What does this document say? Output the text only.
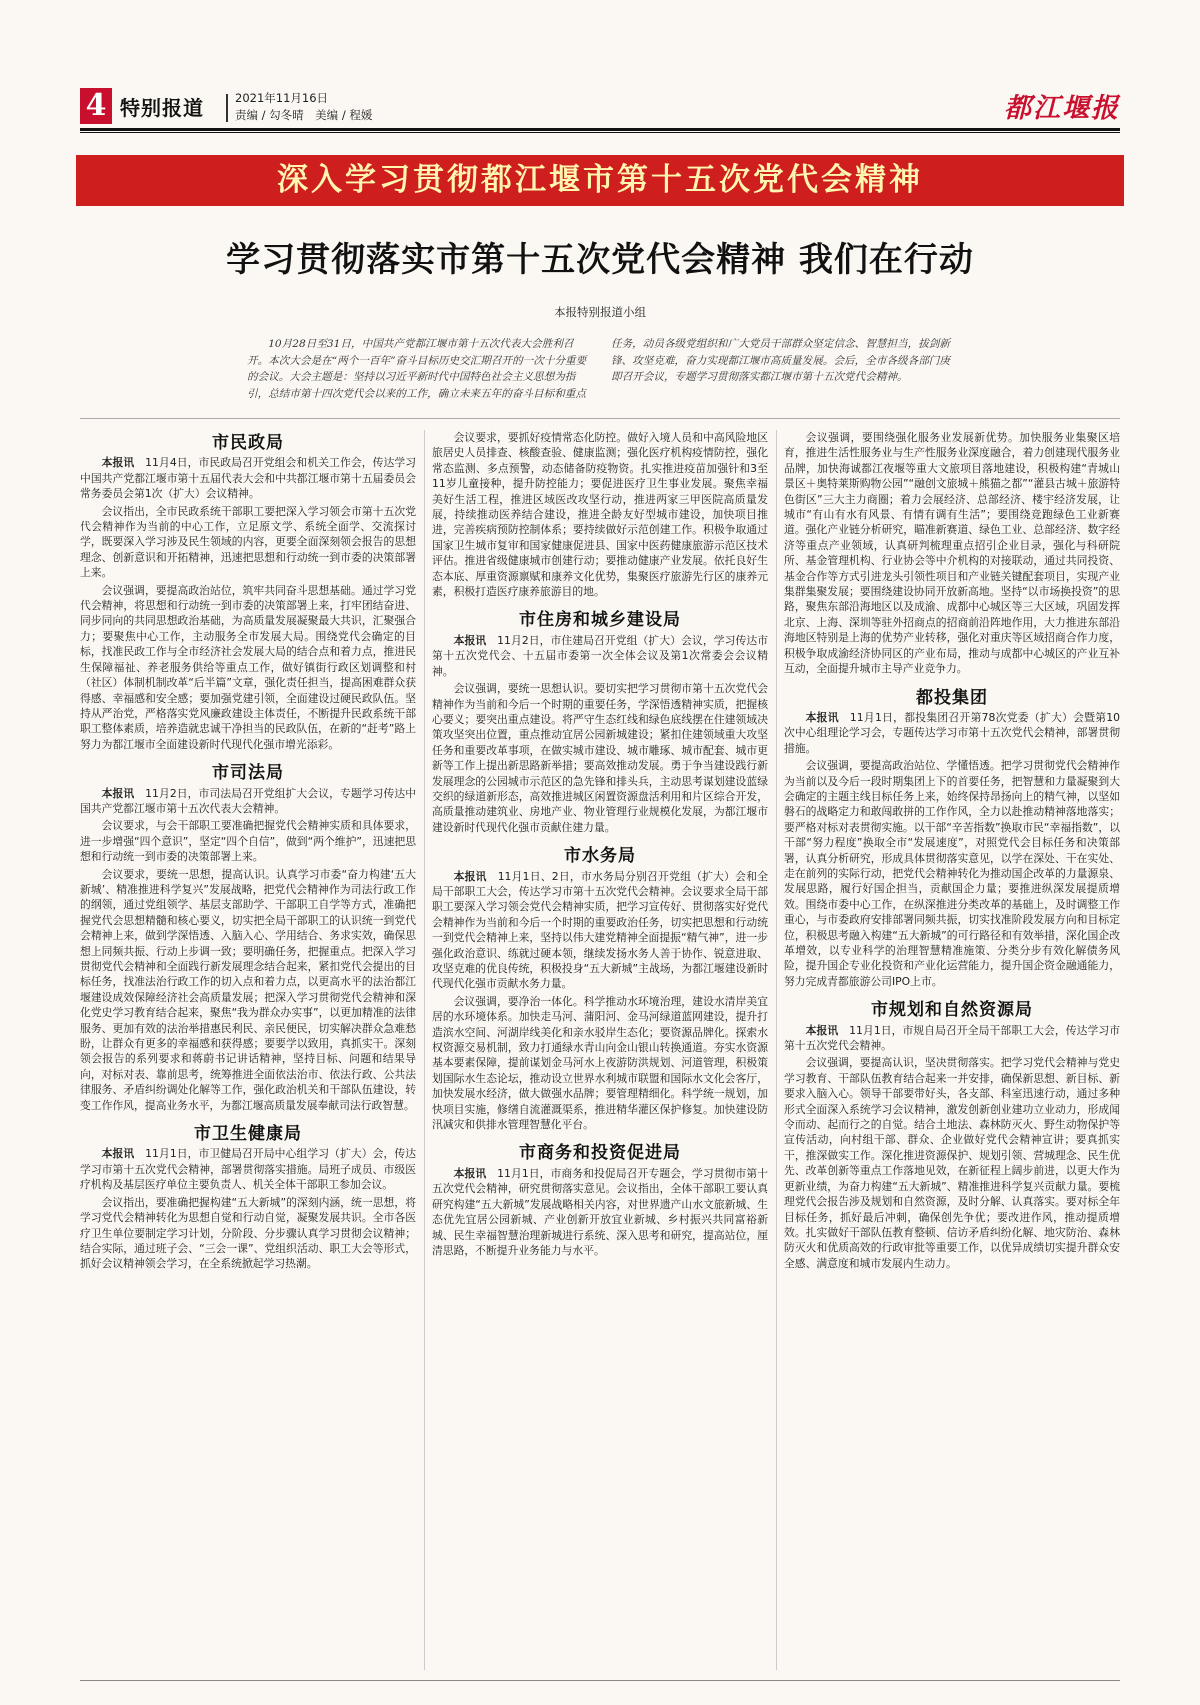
4 特别报道	2021年11月16日
责编 / 勾冬晴　美编 / 程媛	都江堰报
深入学习贯彻都江堰市第十五次党代会精神
学习贯彻落实市第十五次党代会精神 我们在行动
本报特别报道小组
10月28日至31日，中国共产党都江堰市第十五次代表大会胜利召开。本次大会是在“两个一百年”奋斗目标历史交汇期召开的一次十分重要的会议。大会主题是：坚持以习近平新时代中国特色社会主义思想为指引，总结市第十四次党代会以来的工作，确立未来五年的奋斗目标和重点任务，动员各级党组织和广大党员干部群众坚定信念、智慧担当，拔剑新锋、攻坚克难，奋力实现都江堰市高质量发展。会后，全市各级各部门庚即召开会议，专题学习贯彻落实都江堰市第十五次党代会精神。
市民政局

本报讯　 11月4日，市民政局召开党组会和机关工作会，传达学习中国共产党都江堰市第十五届代表大会和中共都江堰市第十五届委员会常务委员会第1次（扩大）会议精神。

会议指出，全市民政系统干部职工要把深入学习领会市第十五次党代会精神作为当前的中心工作，立足原文学、系统全面学、交流探讨学，既要深入学习涉及民生领域的内容，更要全面深刻领会报告的思想理念、创新意识和开拓精神，迅速把思想和行动统一到市委的决策部署上来。

会议强调，要提高政治站位，筑牢共同奋斗思想基础。通过学习党代会精神，将思想和行动统一到市委的决策部署上来，打牢团结奋进、同步同向的共同思想政治基础，为高质量发展凝聚最大共识，汇聚强合力；要聚焦中心工作，主动服务全市发展大局。围绕党代会确定的目标，找准民政工作与全市经济社会发展大局的结合点和着力点，推进民生保障福祉、养老服务供给等重点工作，做好镇街行政区划调整和村（社区）体制机制改革“后半篇”文章，强化责任担当，提高困难群众获得感、幸福感和安全感；要加强党建引领，全面建设过硬民政队伍。坚持从严治党，严格落实党风廉政建设主体责任，不断提升民政系统干部职工整体素质，培养造就忠诚干净担当的民政队伍，在新的“赶考”路上努力为都江堰市全面建设新时代现代化强市增光添彩。

市司法局

本报讯　 11月2日，市司法局召开党组扩大会议，专题学习传达中国共产党都江堰市第十五次代表大会精神。

会议要求，与会干部职工要准确把握党代会精神实质和具体要求，进一步增强“四个意识”，坚定“四个自信”，做到“两个维护”，迅速把思想和行动统一到市委的决策部署上来。

会议要求，要统一思想，提高认识。认真学习市委“奋力构建‘五大新城’、精准推进科学复兴”发展战略，把党代会精神作为司法行政工作的纲领，通过党组领学、基层支部助学、干部职工自学等方式，准确把握党代会思想精髓和核心要义，切实把全局干部职工的认识统一到党代会精神上来，做到学深悟透、入脑入心、学用结合、务求实效，确保思想上同频共振、行动上步调一致；要明确任务，把握重点。把深入学习贯彻党代会精神和全面践行新发展理念结合起来，紧扣党代会提出的目标任务，找准法治行政工作的切入点和着力点，以更高水平的法治都江堰建设成效保障经济社会高质量发展；把深入学习贯彻党代会精神和深化党史学习教育结合起来，聚焦“我为群众办实事”，以更加精准的法律服务、更加有效的法治举措惠民利民、亲民便民，切实解决群众急难愁盼，让群众有更多的幸福感和获得感；要要学以致用，真抓实干。深刻领会报告的系列要求和蒋蔚书记讲话精神，坚持目标、问题和结果导向，对标对表、靠前思考，统筹推进全面依法治市、依法行政、公共法律服务、矛盾纠纷调处化解等工作，强化政治机关和干部队伍建设，转变工作作风，提高业务水平，为都江堰高质量发展奉献司法行政智慧。

市卫生健康局

本报讯　 11月1日，市卫健局召开局中心组学习（扩大）会，传达学习市第十五次党代会精神，部署贯彻落实措施。局班子成员、市级医疗机构及基层医疗单位主要负责人、机关全体干部职工参加会议。

会议指出，要准确把握构建“五大新城”的深刻内涵，统一思想，将学习党代会精神转化为思想自觉和行动自觉，凝聚发展共识。全市各医疗卫生单位要制定学习计划，分阶段、分步骤认真学习贯彻会议精神；结合实际，通过班子会、“三会一课”、党组织活动、职工大会等形式，抓好会议精神领会学习，在全系统掀起学习热潮。

会议要求，要抓好疫情常态化防控。做好入境人员和中高风险地区旅居史人员排查、核酸查验、健康监测；强化医疗机构疫情防控，强化常态监测、多点预警，动态储备防疫物资。扎实推进疫苗加强针和3至11岁儿童接种，提升防控能力；要促进医疗卫生事业发展。聚焦幸福美好生活工程，推进区域医改攻坚行动，推进两家三甲医院高质量发展，持续推动医养结合建设，推进全龄友好型城市建设，加快项目推进，完善疾病预防控制体系；要持续做好示范创建工作。积极争取通过国家卫生城市复审和国家健康促进县、国家中医药健康旅游示范区技术评估。推进省级健康城市创建行动；要推动健康产业发展。依托良好生态本底、厚重资源禀赋和康养文化优势，集聚医疗旅游先行区的康养元素，积极打造医疗康养旅游目的地。

市住房和城乡建设局

本报讯　 11月2日，市住建局召开党组（扩大）会议，学习传达市第十五次党代会、十五届市委第一次全体会议及第1次常委会会议精神。

会议强调，要统一思想认识。要切实把学习贯彻市第十五次党代会精神作为当前和今后一个时期的重要任务，学深悟透精神实质，把握核心要义；要突出重点建设。将严守生态红线和绿色底线摆在住建领域决策攻坚突出位置，重点推动宜居公园新城建设；紧扣住建领域重大攻坚任务和重要改革事项，在做实城市建设、城市雕琢、城市配套、城市更新等工作上提出新思路新举措；要高效推动发展。勇于争当建设践行新发展理念的公园城市示范区的急先锋和排头兵，主动思考谋划建设蓝绿交织的绿道新形态，高效推进城区闲置资源盘活利用和片区综合开发，高质量推动建筑业、房地产业、物业管理行业规模化发展，为都江堰市建设新时代现代化强市贡献住建力量。

市水务局

本报讯　 11月1日、2日，市水务局分别召开党组（扩大）会和全局干部职工大会，传达学习市第十五次党代会精神。会议要求全局干部职工要深入学习领会党代会精神实质，把学习宣传好、贯彻落实好党代会精神作为当前和今后一个时期的重要政治任务，切实把思想和行动统一到党代会精神上来，坚持以伟大建党精神全面提振“精气神”，进一步强化政治意识、练就过硬本领，继续发扬水务人善于协作、锐意进取、攻坚克难的优良传统，积极投身“五大新城”主战场，为都江堰建设新时代现代化强市贡献水务力量。

会议强调，要净治一体化。科学推动水环境治理，建设水清岸美宜居的水环境体系。加快走马河、蒲阳河、金马河绿道蓝网建设，提升打造滨水空间、河湖岸线美化和亲水驳岸生态化；要资源品牌化。探索水权资源交易机制，致力打通绿水青山向金山银山转换通道。夯实水资源基本要素保障，提前谋划金马河水上夜游防洪规划、河道管理，积极策划国际水生态论坛，推动设立世界水利城市联盟和国际水文化会客厅，加快发展水经济，做大做强水品牌；要管理精细化。科学统一规划，加快项目实施，修缮自流灌溉渠系，推进精华灌区保护修复。加快建设防汛减灾和供排水管理智慧化平台。

市商务和投资促进局

本报讯　 11月1日，市商务和投促局召开专题会，学习贯彻市第十五次党代会精神，研究贯彻落实意见。会议指出，全体干部职工要认真研究构建“五大新城”发展战略相关内容，对世界遗产山水文旅新城、生态优先宜居公园新城、产业创新开放宜业新城、乡村振兴共同富裕新城、民生幸福智慧治理新城进行系统、深入思考和研究，提高站位，厘清思路，不断提升业务能力与水平。

会议强调，要围绕强化服务业发展新优势。加快服务业集聚区培育，推进生活性服务业与生产性服务业深度融合，着力创建现代服务业品牌，加快海诚都江夜堰等重大文旅项目落地建设，积极构建“青城山景区＋奥特莱斯购物公园”“融创文旅城＋熊猫之都”“灌县古城＋旅游特色街区”三大主力商圈；着力会展经济、总部经济、楼宇经济发展，让城市“有山有水有风景、有情有调有生活”；要围绕竞跑绿色工业新赛道。强化产业链分析研究，瞄准新赛道、绿色工业、总部经济、数字经济等重点产业领域，认真研判梳理重点招引企业目录，强化与科研院所、基金管理机构、行业协会等中介机构的对接联动，通过共同投资、基金合作等方式引进龙头引领性项目和产业链关键配套项目，实现产业集群集聚发展；要围绕建设协同开放新高地。坚持“以市场换投资”的思路，聚焦东部沿海地区以及成渝、成都中心城区等三大区域，巩固发挥北京、上海、深圳等驻外招商点的招商前沿阵地作用，大力推进东部沿海地区特别是上海的优势产业转移，强化对重庆等区域招商合作力度，积极争取成渝经济协同区的产业布局，推动与成都中心城区的产业互补互动，全面提升城市主导产业竞争力。

都投集团

本报讯　 11月1日，都投集团召开第78次党委（扩大）会暨第10次中心组理论学习会，专题传达学习市第十五次党代会精神，部署贯彻措施。

会议强调，要提高政治站位、学懂悟透。把学习贯彻党代会精神作为当前以及今后一段时期集团上下的首要任务，把智慧和力量凝聚到大会确定的主题主线目标任务上来，始终保持昂扬向上的精气神，以坚如磐石的战略定力和敢闯敢拼的工作作风，全力以赴推动精神落地落实；要严格对标对表贯彻实施。以干部“辛苦指数”换取市民“幸福指数”，以干部“努力程度”换取全市“发展速度”，对照党代会目标任务和决策部署，认真分析研究，形成具体贯彻落实意见，以学在深处、干在实处、走在前列的实际行动，把党代会精神转化为推动国企改革的力量源泉、发展思路，履行好国企担当，贡献国企力量；要推进纵深发展提质增效。围绕市委中心工作，在纵深推进分类改革的基础上，及时调整工作重心，与市委政府安排部署同频共振，切实找准阶段发展方向和目标定位，积极思考融入构建“五大新城”的可行路径和有效举措，深化国企改革增效，以专业科学的治理智慧精准施策、分类分步有效化解债务风险，提升国企专业化投资和产业化运营能力，提升国企资金融通能力，努力完成青都旅游公司IPO上市。

市规划和自然资源局

本报讯　 11月1日，市规自局召开全局干部职工大会，传达学习市第十五次党代会精神。

会议强调，要提高认识，坚决贯彻落实。把学习党代会精神与党史学习教育、干部队伍教育结合起来一并安排，确保新思想、新目标、新要求入脑入心。领导干部要带好头，各支部、科室迅速行动，通过多种形式全面深入系统学习会议精神，激发创新创业建功立业动力，形成闻令而动、起而行之的自觉。结合土地法、森林防灭火、野生动物保护等宣传活动，向村组干部、群众、企业做好党代会精神宣讲；要真抓实干，推深做实工作。深化推进资源保护、规划引领、营城理念、民生优先、改革创新等重点工作落地见效，在新征程上阔步前进，以更大作为更新业绩，为奋力构建“五大新城”、精准推进科学复兴贡献力量。要梳理党代会报告涉及规划和自然资源，及时分解、认真落实。要对标全年目标任务，抓好最后冲刺，确保创先争优；要改进作风，推动提质增效。扎实做好干部队伍教育整顿、信访矛盾纠纷化解、地灾防治、森林防灭火和优质高效的行政审批等重要工作，以优异成绩切实提升群众安全感、满意度和城市发展内生动力。
